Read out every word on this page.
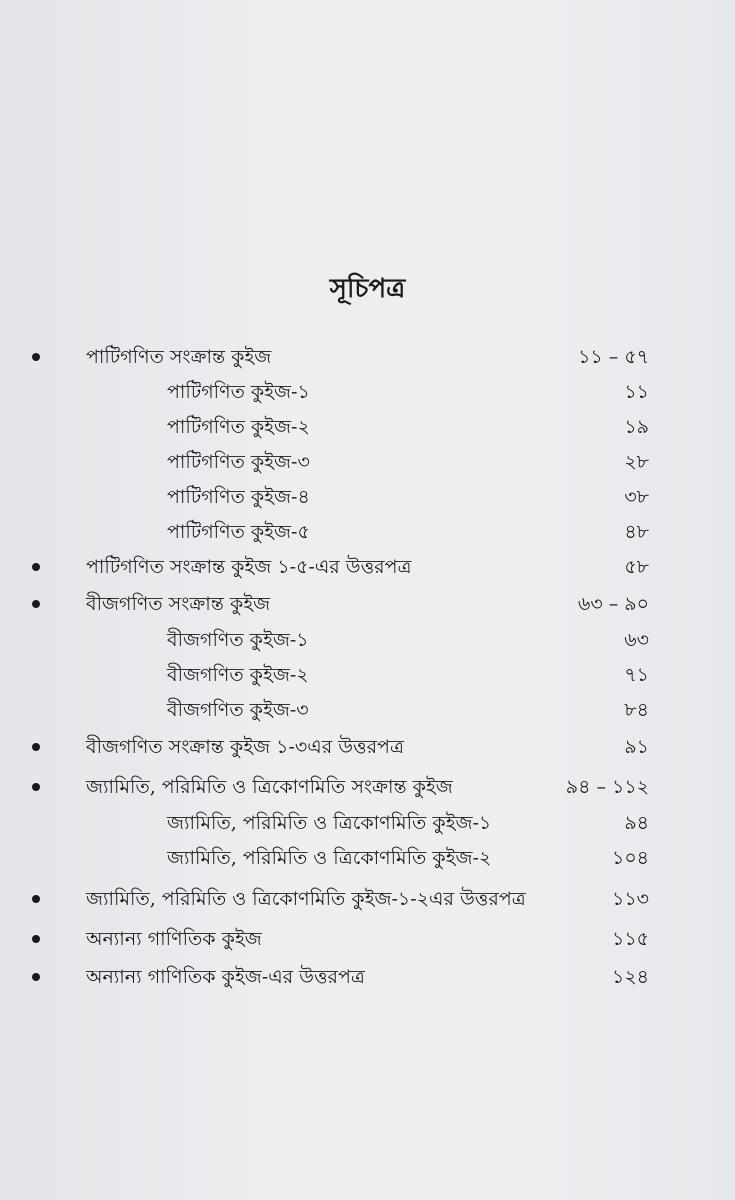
সূচিপত্র
পাটিগণিত সংক্রান্ত কুইজ	১১ – ৫৭
পাটিগণিত কুইজ-১	১১
পাটিগণিত কুইজ-২	১৯
পাটিগণিত কুইজ-৩	২৮
পাটিগণিত কুইজ-৪	৩৮
পাটিগণিত কুইজ-৫	৪৮
পাটিগণিত সংক্রান্ত কুইজ ১-৫-এর উত্তরপত্র	৫৮
বীজগণিত সংক্রান্ত কুইজ	৬৩ – ৯০
বীজগণিত কুইজ-১	৬৩
বীজগণিত কুইজ-২	৭১
বীজগণিত কুইজ-৩	৮৪
বীজগণিত সংক্রান্ত কুইজ ১-৩এর উত্তরপত্র	৯১
জ্যামিতি, পরিমিতি ও ত্রিকোণমিতি সংক্রান্ত কুইজ	৯৪ – ১১২
জ্যামিতি, পরিমিতি ও ত্রিকোণমিতি কুইজ-১	৯৪
জ্যামিতি, পরিমিতি ও ত্রিকোণমিতি কুইজ-২	১০৪
জ্যামিতি, পরিমিতি ও ত্রিকোণমিতি কুইজ-১-২এর উত্তরপত্র	১১৩
অন্যান্য গাণিতিক কুইজ	১১৫
অন্যান্য গাণিতিক কুইজ-এর উত্তরপত্র	১২৪
